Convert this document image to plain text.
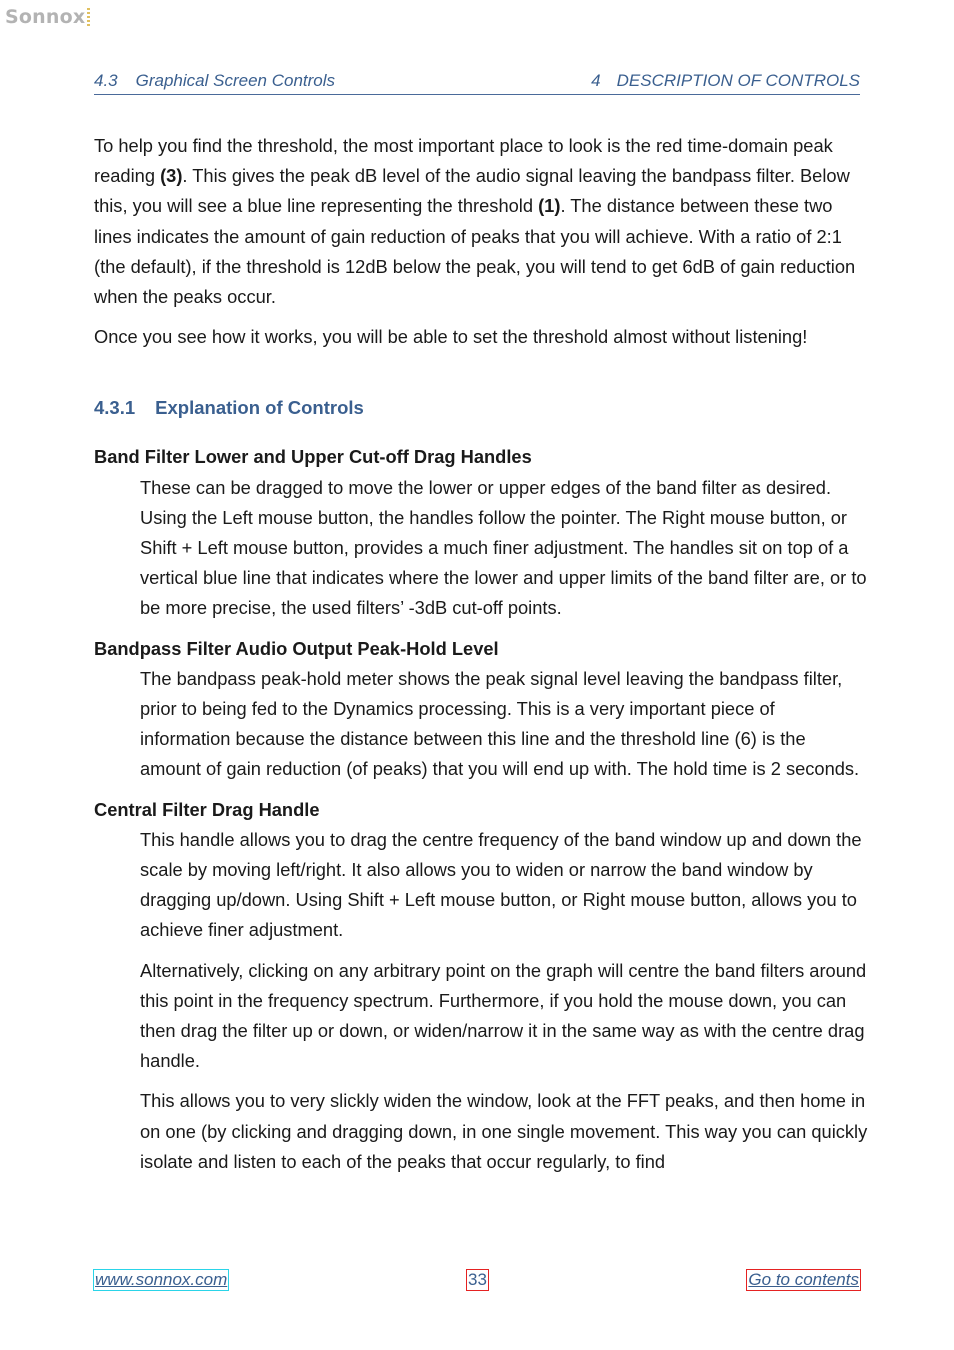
Sonnox
4.3 Graphical Screen Controls	4 DESCRIPTION OF CONTROLS

To help you find the threshold, the most important place to look is the red time-domain peak reading (3). This gives the peak dB level of the audio signal leaving the bandpass filter. Below this, you will see a blue line representing the threshold (1). The distance between these two lines indicates the amount of gain reduction of peaks that you will achieve. With a ratio of 2:1 (the default), if the threshold is 12dB below the peak, you will tend to get 6dB of gain reduction when the peaks occur.

Once you see how it works, you will be able to set the threshold almost without listening!

4.3.1 Explanation of Controls
Band Filter Lower and Upper Cut-off Drag Handles

These can be dragged to move the lower or upper edges of the band filter as desired. Using the Left mouse button, the handles follow the pointer. The Right mouse button, or Shift + Left mouse button, provides a much finer adjustment. The handles sit on top of a vertical blue line that indicates where the lower and upper limits of the band filter are, or to be more precise, the used filters’ -3dB cut-off points.

Bandpass Filter Audio Output Peak-Hold Level

The bandpass peak-hold meter shows the peak signal level leaving the bandpass filter, prior to being fed to the Dynamics processing. This is a very important piece of information because the distance between this line and the threshold line (6) is the amount of gain reduction (of peaks) that you will end up with. The hold time is 2 seconds.

Central Filter Drag Handle

This handle allows you to drag the centre frequency of the band window up and down the scale by moving left/right. It also allows you to widen or narrow the band window by dragging up/down. Using Shift + Left mouse button, or Right mouse button, allows you to achieve finer adjustment.

Alternatively, clicking on any arbitrary point on the graph will centre the band filters around this point in the frequency spectrum. Furthermore, if you hold the mouse down, you can then drag the filter up or down, or widen/narrow it in the same way as with the centre drag handle.

This allows you to very slickly widen the window, look at the FFT peaks, and then home in on one (by clicking and dragging down, in one single movement. This way you can quickly isolate and listen to each of the peaks that occur regularly, to find

www.sonnox.com	33	Go to contents
